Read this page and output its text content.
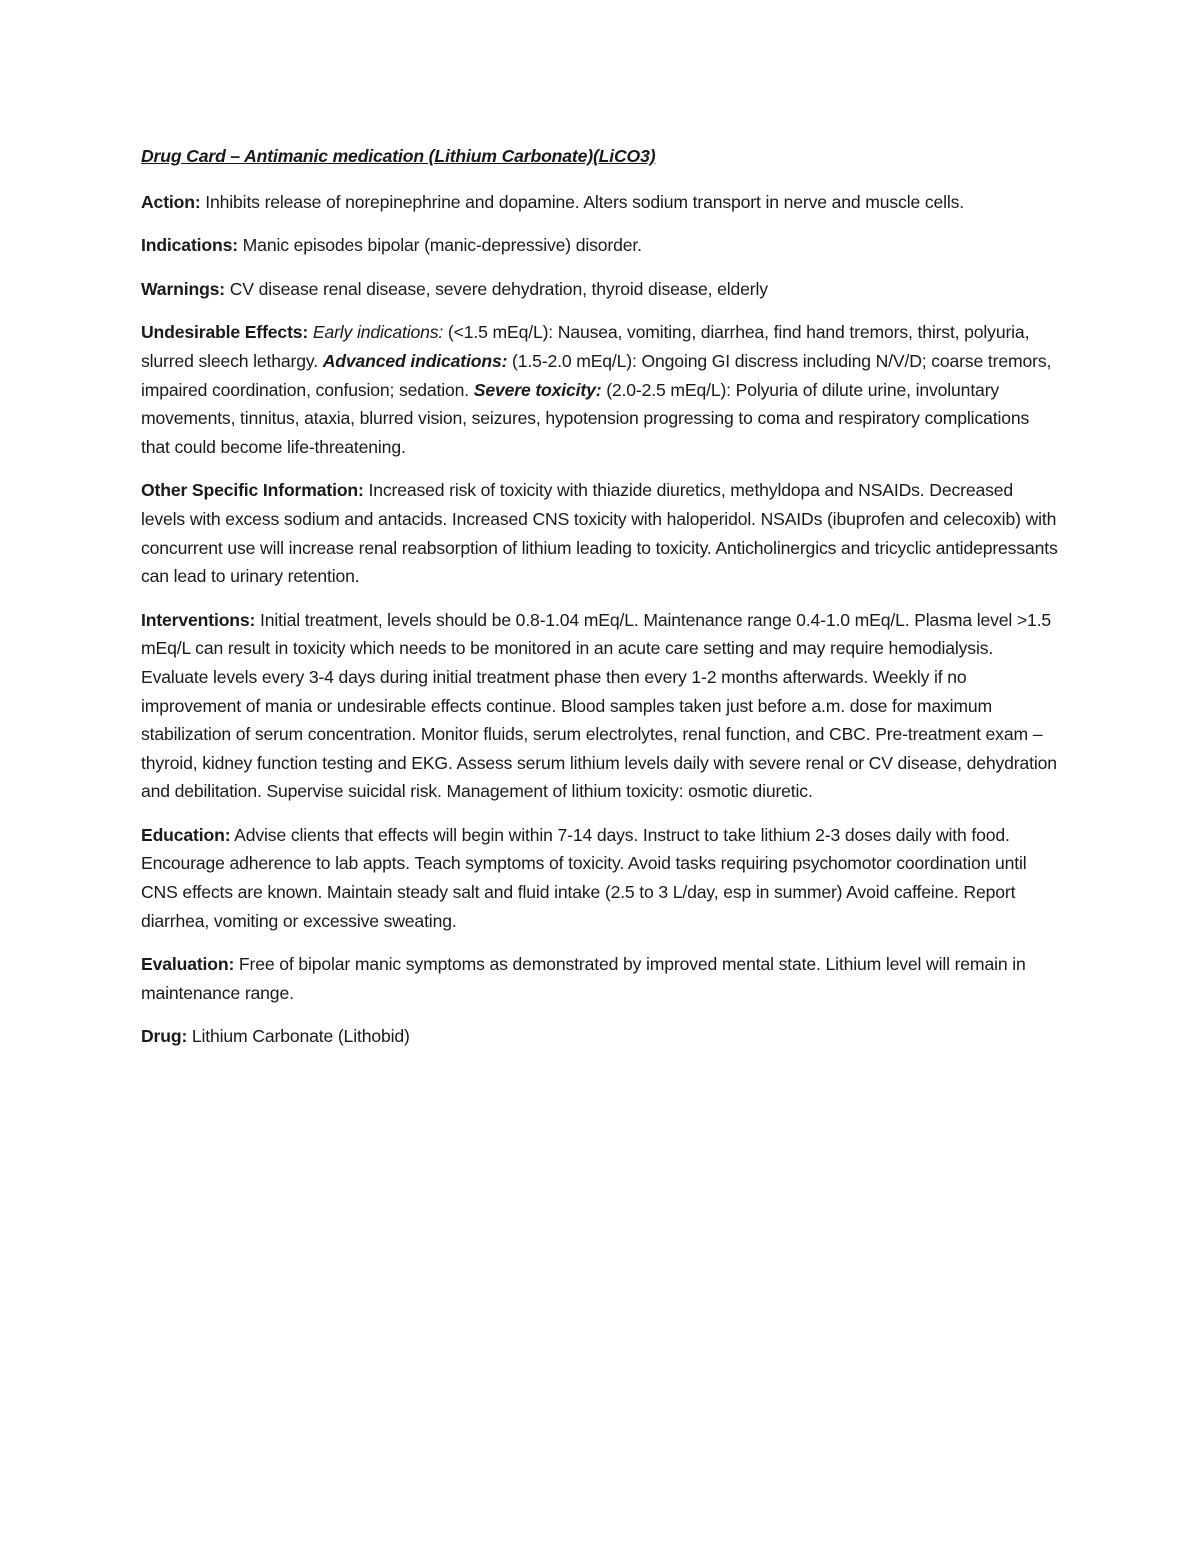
Drug Card – Antimanic medication (Lithium Carbonate)(LiCO3)

Action: Inhibits release of norepinephrine and dopamine. Alters sodium transport in nerve and muscle cells.

Indications: Manic episodes bipolar (manic-depressive) disorder.

Warnings: CV disease renal disease, severe dehydration, thyroid disease, elderly

Undesirable Effects: Early indications: (<1.5 mEq/L): Nausea, vomiting, diarrhea, find hand tremors, thirst, polyuria, slurred sleech lethargy. Advanced indications: (1.5-2.0 mEq/L): Ongoing GI discress including N/V/D; coarse tremors, impaired coordination, confusion; sedation. Severe toxicity: (2.0-2.5 mEq/L): Polyuria of dilute urine, involuntary movements, tinnitus, ataxia, blurred vision, seizures, hypotension progressing to coma and respiratory complications that could become life-threatening.

Other Specific Information: Increased risk of toxicity with thiazide diuretics, methyldopa and NSAIDs. Decreased levels with excess sodium and antacids. Increased CNS toxicity with haloperidol. NSAIDs (ibuprofen and celecoxib) with concurrent use will increase renal reabsorption of lithium leading to toxicity. Anticholinergics and tricyclic antidepressants can lead to urinary retention.

Interventions: Initial treatment, levels should be 0.8-1.04 mEq/L. Maintenance range 0.4-1.0 mEq/L. Plasma level >1.5 mEq/L can result in toxicity which needs to be monitored in an acute care setting and may require hemodialysis. Evaluate levels every 3-4 days during initial treatment phase then every 1-2 months afterwards. Weekly if no improvement of mania or undesirable effects continue. Blood samples taken just before a.m. dose for maximum stabilization of serum concentration. Monitor fluids, serum electrolytes, renal function, and CBC. Pre-treatment exam – thyroid, kidney function testing and EKG. Assess serum lithium levels daily with severe renal or CV disease, dehydration and debilitation. Supervise suicidal risk. Management of lithium toxicity: osmotic diuretic.

Education: Advise clients that effects will begin within 7-14 days. Instruct to take lithium 2-3 doses daily with food. Encourage adherence to lab appts. Teach symptoms of toxicity. Avoid tasks requiring psychomotor coordination until CNS effects are known. Maintain steady salt and fluid intake (2.5 to 3 L/day, esp in summer) Avoid caffeine. Report diarrhea, vomiting or excessive sweating.

Evaluation: Free of bipolar manic symptoms as demonstrated by improved mental state. Lithium level will remain in maintenance range.

Drug: Lithium Carbonate (Lithobid)
